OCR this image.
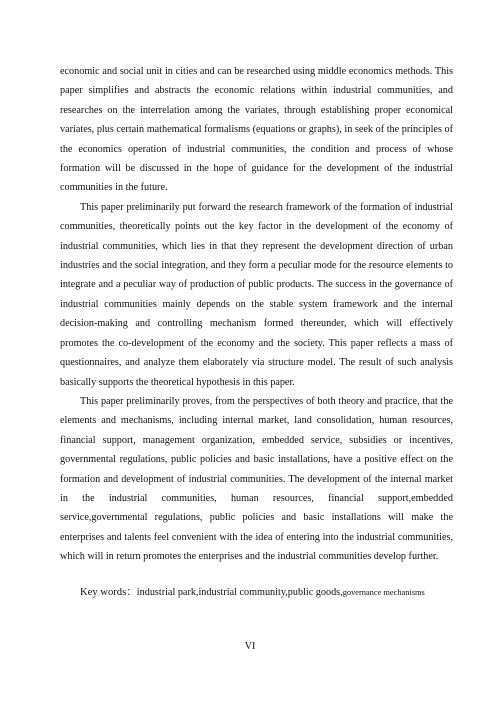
economic and social unit in cities and can be researched using middle economics methods. This paper simplifies and abstracts the economic relations within industrial communities, and researches on the interrelation among the variates, through establishing proper economical variates, plus certain mathematical formalisms (equations or graphs), in seek of the principles of the economics operation of industrial communities, the condition and process of whose formation will be discussed in the hope of guidance for the development of the industrial communities in the future.

This paper preliminarily put forward the research framework of the formation of industrial communities, theoretically points out the key factor in the development of the economy of industrial communities, which lies in that they represent the development direction of urban industries and the social integration, and they form a peculiar mode for the resource elements to integrate and a peculiar way of production of public products. The success in the governance of industrial communities mainly depends on the stable system framework and the internal decision-making and controlling mechanism formed thereunder, which will effectively promotes the co-development of the economy and the society. This paper reflects a mass of questionnaires, and analyze them elaborately via structure model. The result of such analysis basically supports the theoretical hypothesis in this paper.

This paper preliminarily proves, from the perspectives of both theory and practice, that the elements and mechanisms, including internal market, land consolidation, human resources, financial support, management organization, embedded service, subsidies or incentives, governmental regulations, public policies and basic installations, have a positive effect on the formation and development of industrial communities. The development of the internal market in the industrial communities, human resources, financial support,embedded service,governmental regulations, public policies and basic installations will make the enterprises and talents feel convenient with the idea of entering into the industrial communities, which will in return promotes the enterprises and the industrial communities develop further.

Key words：industrial park,industrial community,public goods,governance mechanisms
VI
